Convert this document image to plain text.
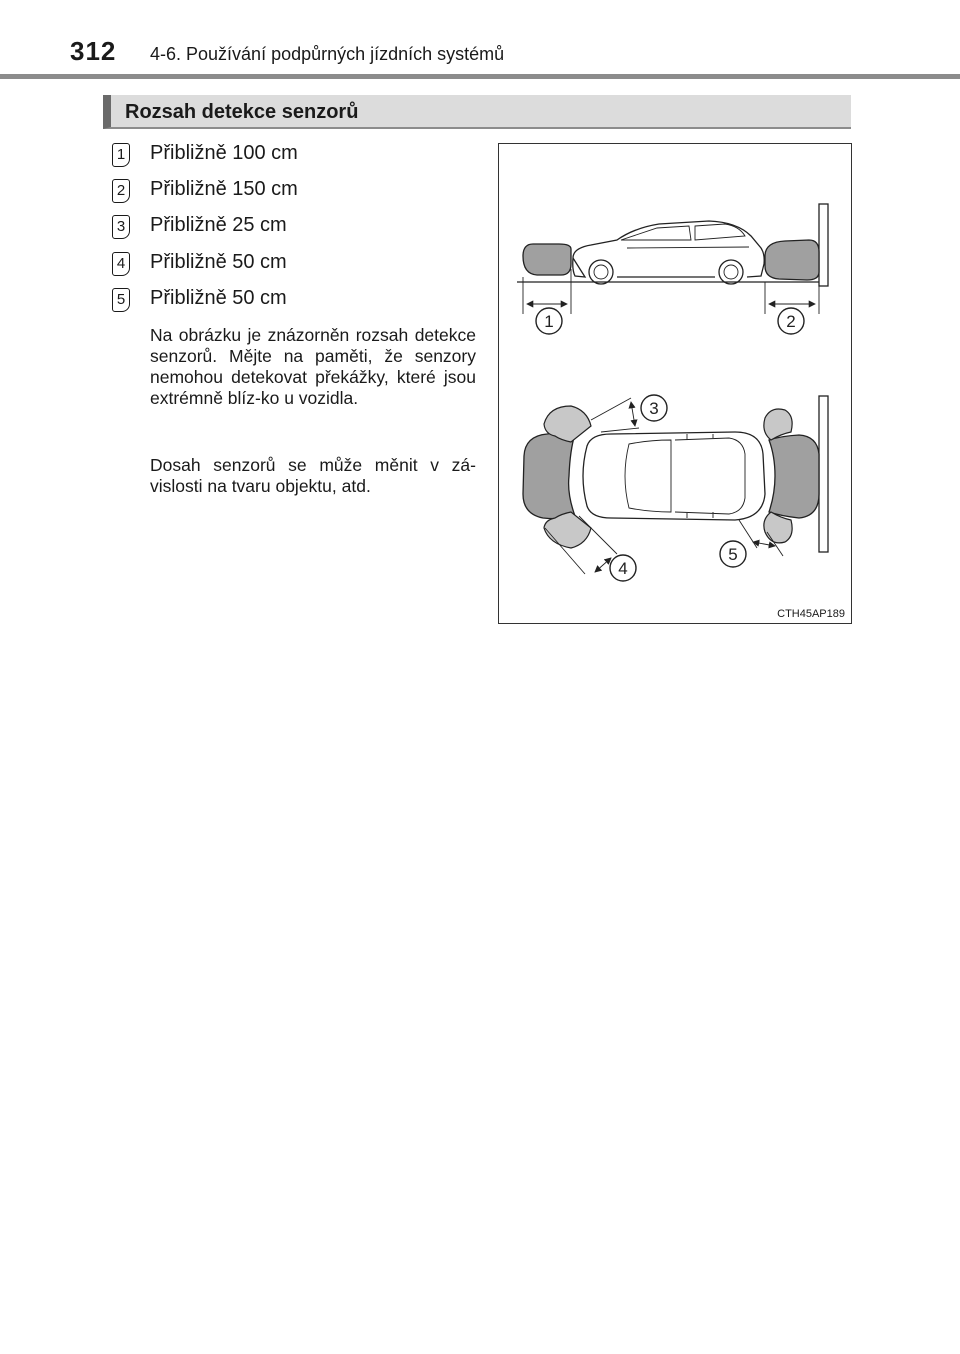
312 4-6. Používání podpůrných jízdních systémů
Rozsah detekce senzorů
1 Přibližně 100 cm
2 Přibližně 150 cm
3 Přibližně 25 cm
4 Přibližně 50 cm
5 Přibližně 50 cm

Na obrázku je znázorněn rozsah detekce senzorů. Mějte na paměti, že senzory nemohou detekovat překážky, které jsou extrémně blíz-ko u vozidla.

Dosah senzorů se může měnit v zá-vislosti na tvaru objektu, atd.

1	2
3
4
5
CTH45AP189
